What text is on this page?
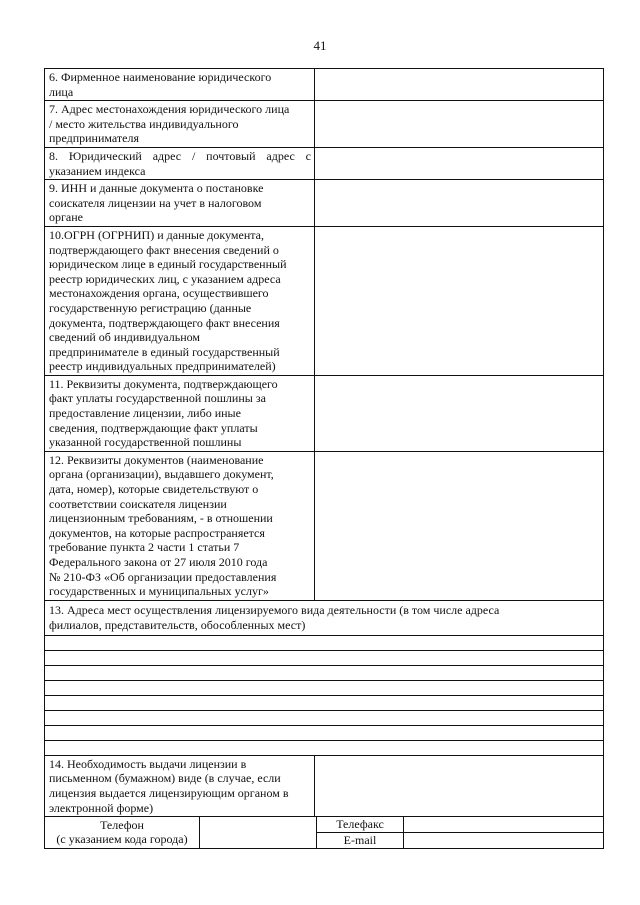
41
6. Фирменное наименование юридического
лица
7. Адрес местонахождения юридического лица
/ место жительства индивидуального
предпринимателя
8. Юридический адрес / почтовый адрес с
указанием индекса
9. ИНН и данные документа о постановке
соискателя лицензии на учет в налоговом
органе
10.ОГРН (ОГРНИП) и данные документа,
подтверждающего факт внесения сведений о
юридическом лице в единый государственный
реестр юридических лиц, с указанием адреса
местонахождения органа, осуществившего
государственную регистрацию (данные
документа, подтверждающего факт внесения
сведений об индивидуальном
предпринимателе в единый государственный
реестр индивидуальных предпринимателей)
11. Реквизиты документа, подтверждающего
факт уплаты государственной пошлины за
предоставление лицензии, либо иные
сведения, подтверждающие факт уплаты
указанной государственной пошлины
12. Реквизиты документов (наименование
органа (организации), выдавшего документ,
дата, номер), которые свидетельствуют о
соответствии соискателя лицензии
лицензионным требованиям, - в отношении
документов, на которые распространяется
требование пункта 2 части 1 статьи 7
Федерального закона от 27 июля 2010 года
№ 210-ФЗ «Об организации предоставления
государственных и муниципальных услуг»
13. Адреса мест осуществления лицензируемого вида деятельности (в том числе адреса
филиалов, представительств, обособленных мест)
14. Необходимость выдачи лицензии в
письменном (бумажном) виде (в случае, если
лицензия выдается лицензирующим органом в
электронной форме)
Телефон
(с указанием кода города)
Телефакс
E-mail
